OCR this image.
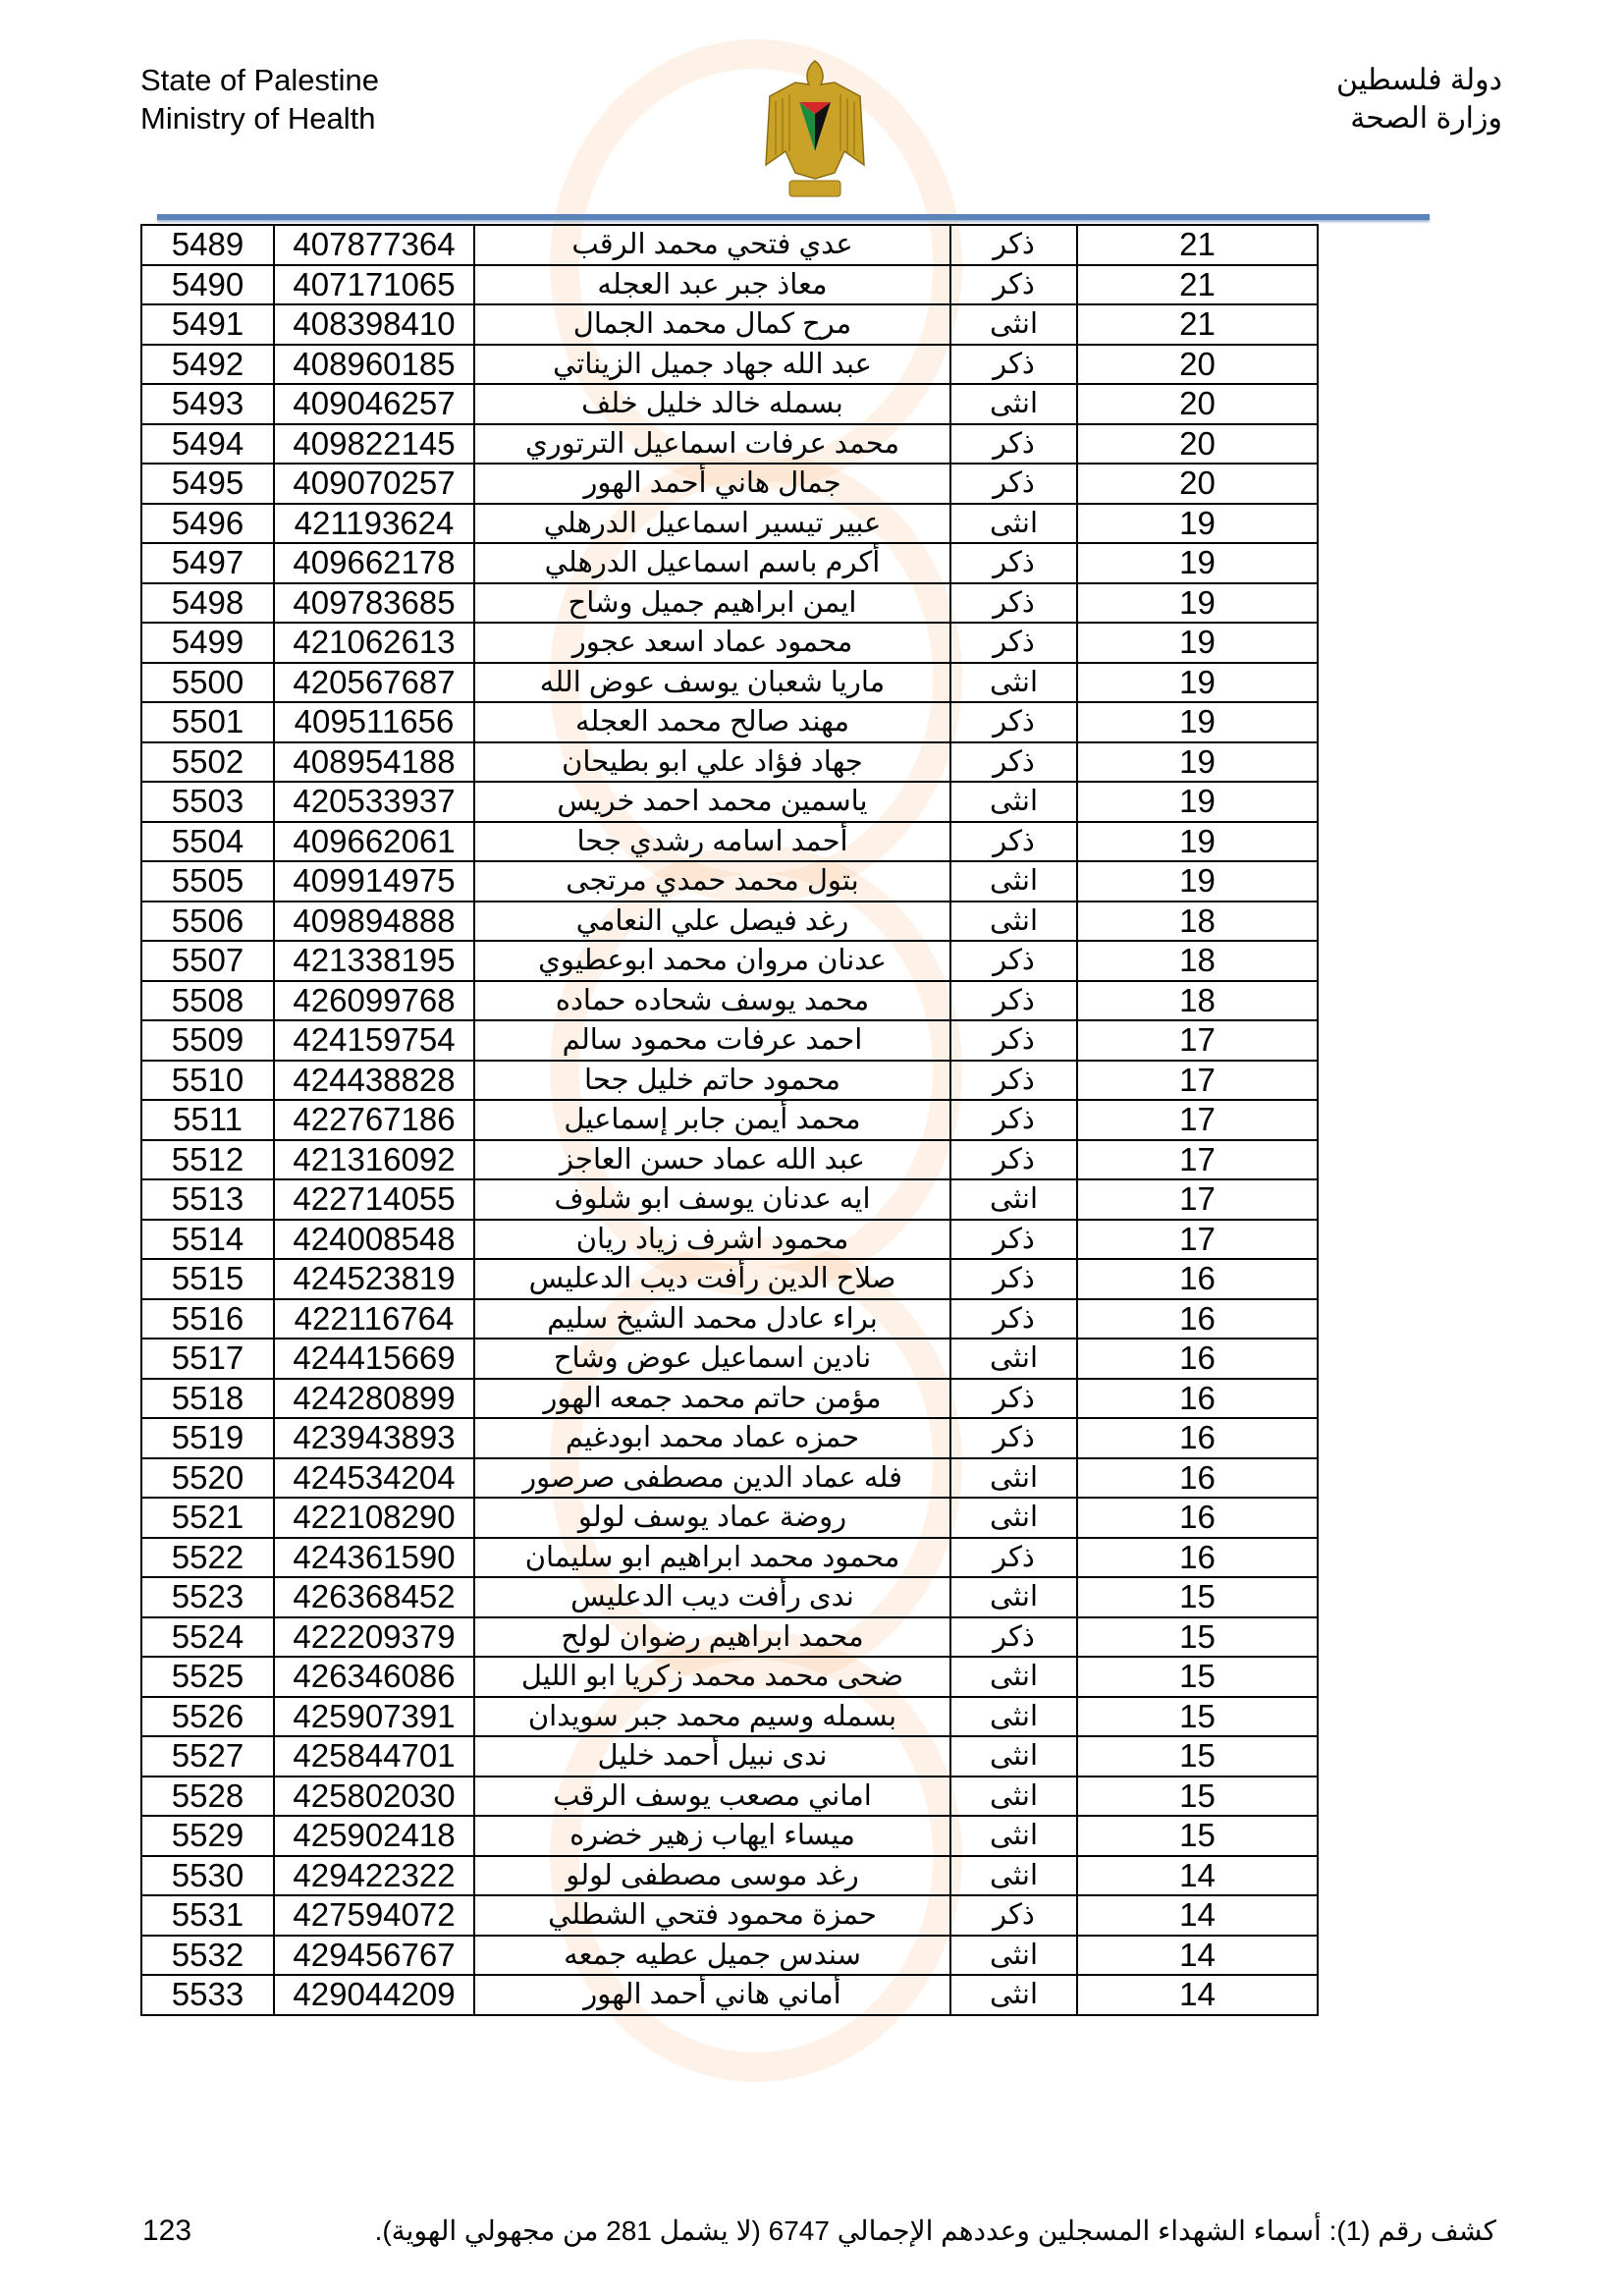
State of Palestine
Ministry of Health
دولة فلسطين
وزارة الصحة
5489	407877364	عدي فتحي محمد الرقب	ذكر	21
5490	407171065	معاذ جبر عبد العجله	ذكر	21
5491	408398410	مرح كمال محمد الجمال	انثى	21
5492	408960185	عبد الله جهاد جميل الزيناتي	ذكر	20
5493	409046257	بسمله خالد خليل خلف	انثى	20
5494	409822145	محمد عرفات اسماعيل الترتوري	ذكر	20
5495	409070257	جمال هاني أحمد الهور	ذكر	20
5496	421193624	عبير تيسير اسماعيل الدرهلي	انثى	19
5497	409662178	أكرم باسم اسماعيل الدرهلي	ذكر	19
5498	409783685	ايمن ابراهيم جميل وشاح	ذكر	19
5499	421062613	محمود عماد اسعد عجور	ذكر	19
5500	420567687	ماريا شعبان يوسف عوض الله	انثى	19
5501	409511656	مهند صالح محمد العجله	ذكر	19
5502	408954188	جهاد فؤاد علي ابو بطيحان	ذكر	19
5503	420533937	ياسمين محمد احمد خريس	انثى	19
5504	409662061	أحمد اسامه رشدي جحا	ذكر	19
5505	409914975	بتول محمد حمدي مرتجى	انثى	19
5506	409894888	رغد فيصل علي النعامي	انثى	18
5507	421338195	عدنان مروان محمد ابوعطيوي	ذكر	18
5508	426099768	محمد يوسف شحاده حماده	ذكر	18
5509	424159754	احمد عرفات محمود سالم	ذكر	17
5510	424438828	محمود حاتم خليل جحا	ذكر	17
5511	422767186	محمد أيمن جابر إسماعيل	ذكر	17
5512	421316092	عبد الله عماد حسن العاجز	ذكر	17
5513	422714055	ايه عدنان يوسف ابو شلوف	انثى	17
5514	424008548	محمود اشرف زياد ريان	ذكر	17
5515	424523819	صلاح الدين رأفت ديب الدعليس	ذكر	16
5516	422116764	براء عادل محمد الشيخ سليم	ذكر	16
5517	424415669	نادين اسماعيل عوض وشاح	انثى	16
5518	424280899	مؤمن حاتم محمد جمعه الهور	ذكر	16
5519	423943893	حمزه عماد محمد ابودغيم	ذكر	16
5520	424534204	فله عماد الدين مصطفى صرصور	انثى	16
5521	422108290	روضة عماد يوسف لولو	انثى	16
5522	424361590	محمود محمد ابراهيم ابو سليمان	ذكر	16
5523	426368452	ندى رأفت ديب الدعليس	انثى	15
5524	422209379	محمد ابراهيم رضوان لولح	ذكر	15
5525	426346086	ضحى محمد محمد زكريا ابو الليل	انثى	15
5526	425907391	بسمله وسيم محمد جبر سويدان	انثى	15
5527	425844701	ندى نبيل أحمد خليل	انثى	15
5528	425802030	اماني مصعب يوسف الرقب	انثى	15
5529	425902418	ميساء ايهاب زهير خضره	انثى	15
5530	429422322	رغد موسى مصطفى لولو	انثى	14
5531	427594072	حمزة محمود فتحي الشطلي	ذكر	14
5532	429456767	سندس جميل عطيه جمعه	انثى	14
5533	429044209	أماني هاني أحمد الهور	انثى	14
123	كشف رقم (1): أسماء الشهداء المسجلين وعددهم الإجمالي 6747 (لا يشمل 281 من مجهولي الهوية).
